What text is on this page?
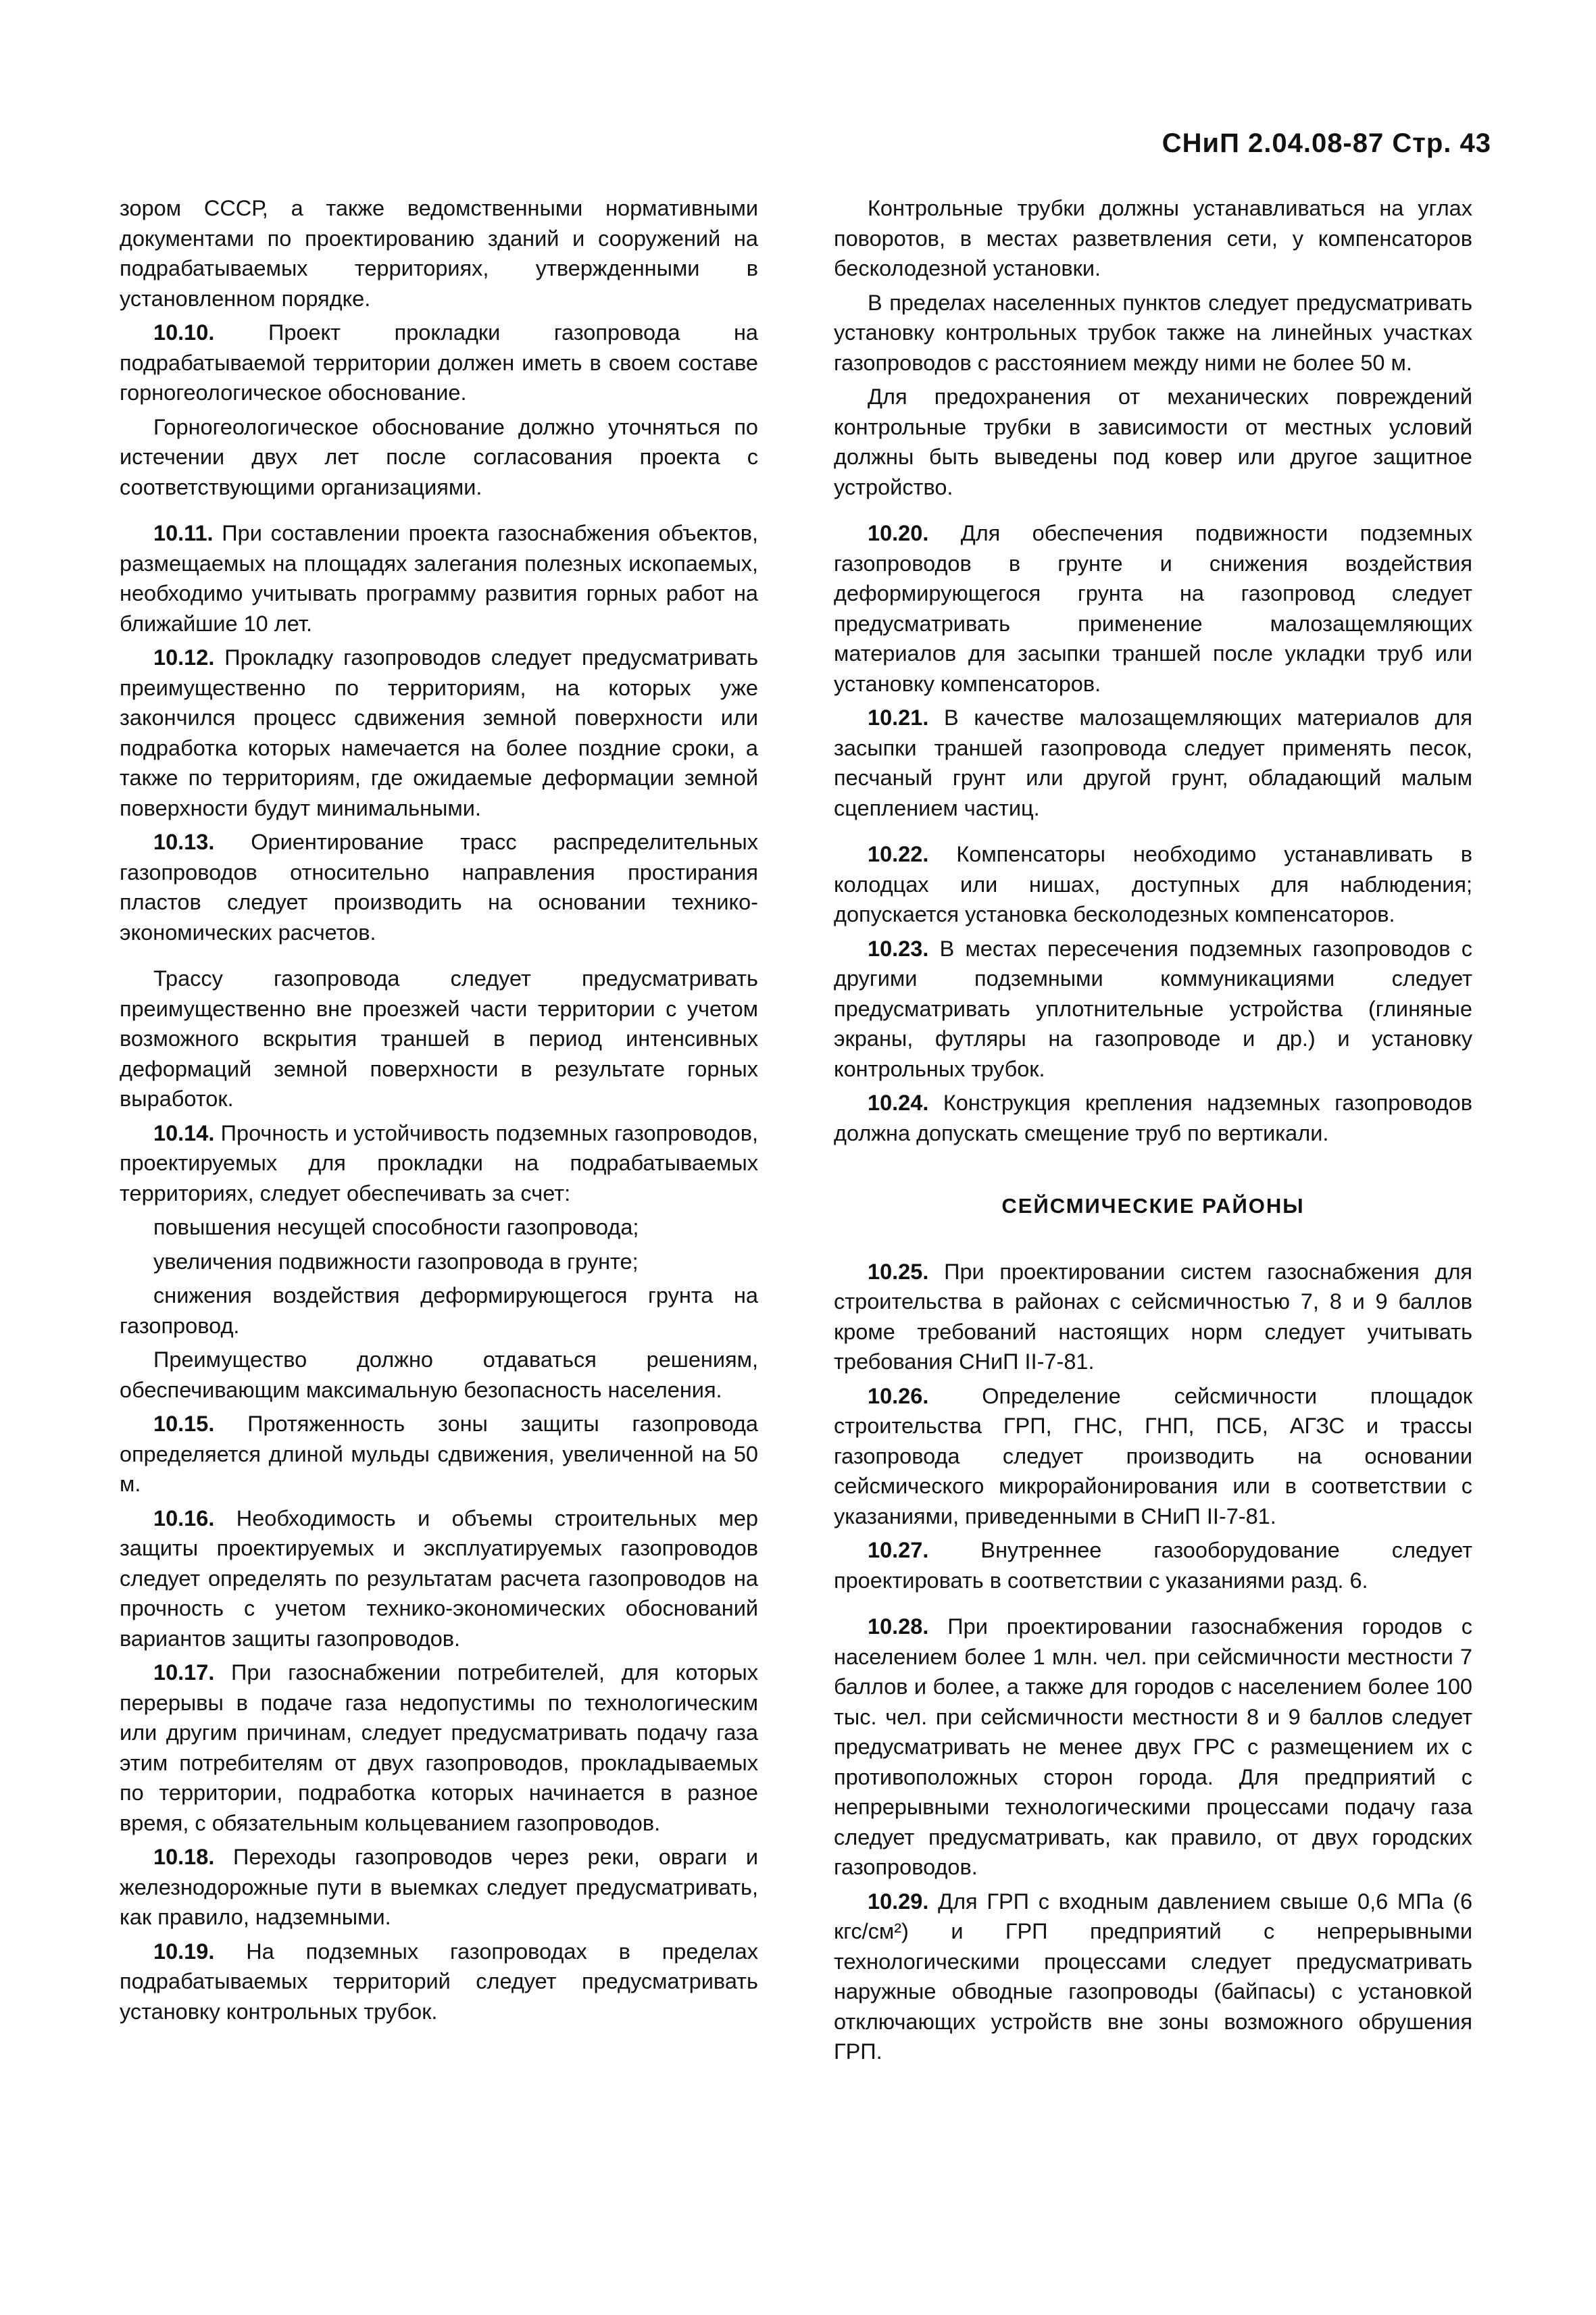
СНиП 2.04.08-87 Стр. 43

зором СССР, а также ведомственными нормативными документами по проектированию зданий и сооружений на подрабатываемых территориях, утвержденными в установленном порядке.

10.10. Проект прокладки газопровода на подрабатываемой территории должен иметь в своем составе горногеологическое обоснование.

Горногеологическое обоснование должно уточняться по истечении двух лет после согласования проекта с соответствующими организациями.

10.11. При составлении проекта газоснабжения объектов, размещаемых на площадях залегания полезных ископаемых, необходимо учитывать программу развития горных работ на ближайшие 10 лет.

10.12. Прокладку газопроводов следует предусматривать преимущественно по территориям, на которых уже закончился процесс сдвижения земной поверхности или подработка которых намечается на более поздние сроки, а также по территориям, где ожидаемые деформации земной поверхности будут минимальными.

10.13. Ориентирование трасс распределительных газопроводов относительно направления простирания пластов следует производить на основании технико-экономических расчетов.

Трассу газопровода следует предусматривать преимущественно вне проезжей части территории с учетом возможного вскрытия траншей в период интенсивных деформаций земной поверхности в результате горных выработок.

10.14. Прочность и устойчивость подземных газопроводов, проектируемых для прокладки на подрабатываемых территориях, следует обеспечивать за счет:

повышения несущей способности газопровода;

увеличения подвижности газопровода в грунте;

снижения воздействия деформирующегося грунта на газопровод.

Преимущество должно отдаваться решениям, обеспечивающим максимальную безопасность населения.

10.15. Протяженность зоны защиты газопровода определяется длиной мульды сдвижения, увеличенной на 50 м.

10.16. Необходимость и объемы строительных мер защиты проектируемых и эксплуатируемых газопроводов следует определять по результатам расчета газопроводов на прочность с учетом технико-экономических обоснований вариантов защиты газопроводов.

10.17. При газоснабжении потребителей, для которых перерывы в подаче газа недопустимы по технологическим или другим причинам, следует предусматривать подачу газа этим потребителям от двух газопроводов, прокладываемых по территории, подработка которых начинается в разное время, с обязательным кольцеванием газопроводов.

10.18. Переходы газопроводов через реки, овраги и железнодорожные пути в выемках следует предусматривать, как правило, надземными.

10.19. На подземных газопроводах в пределах подрабатываемых территорий следует предусматривать установку контрольных трубок.

Контрольные трубки должны устанавливаться на углах поворотов, в местах разветвления сети, у компенсаторов бесколодезной установки.

В пределах населенных пунктов следует предусматривать установку контрольных трубок также на линейных участках газопроводов с расстоянием между ними не более 50 м.

Для предохранения от механических повреждений контрольные трубки в зависимости от местных условий должны быть выведены под ковер или другое защитное устройство.

10.20. Для обеспечения подвижности подземных газопроводов в грунте и снижения воздействия деформирующегося грунта на газопровод следует предусматривать применение малозащемляющих материалов для засыпки траншей после укладки труб или установку компенсаторов.

10.21. В качестве малозащемляющих материалов для засыпки траншей газопровода следует применять песок, песчаный грунт или другой грунт, обладающий малым сцеплением частиц.

10.22. Компенсаторы необходимо устанавливать в колодцах или нишах, доступных для наблюдения; допускается установка бесколодезных компенсаторов.

10.23. В местах пересечения подземных газопроводов с другими подземными коммуникациями следует предусматривать уплотнительные устройства (глиняные экраны, футляры на газопроводе и др.) и установку контрольных трубок.

10.24. Конструкция крепления надземных газопроводов должна допускать смещение труб по вертикали.

СЕЙСМИЧЕСКИЕ РАЙОНЫ

10.25. При проектировании систем газоснабжения для строительства в районах с сейсмичностью 7, 8 и 9 баллов кроме требований настоящих норм следует учитывать требования СНиП II-7-81.

10.26. Определение сейсмичности площадок строительства ГРП, ГНС, ГНП, ПСБ, АГЗС и трассы газопровода следует производить на основании сейсмического микрорайонирования или в соответствии с указаниями, приведенными в СНиП II-7-81.

10.27. Внутреннее газооборудование следует проектировать в соответствии с указаниями разд. 6.

10.28. При проектировании газоснабжения городов с населением более 1 млн. чел. при сейсмичности местности 7 баллов и более, а также для городов с населением более 100 тыс. чел. при сейсмичности местности 8 и 9 баллов следует предусматривать не менее двух ГРС с размещением их с противоположных сторон города. Для предприятий с непрерывными технологическими процессами подачу газа следует предусматривать, как правило, от двух городских газопроводов.

10.29. Для ГРП с входным давлением свыше 0,6 МПа (6 кгс/см²) и ГРП предприятий с непрерывными технологическими процессами следует предусматривать наружные обводные газопроводы (байпасы) с установкой отключающих устройств вне зоны возможного обрушения ГРП.
